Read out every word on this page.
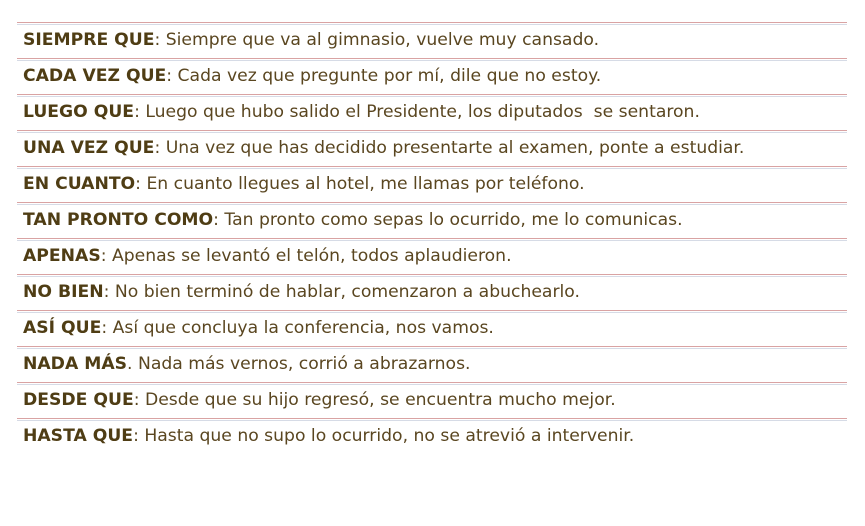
SIEMPRE QUE : Siempre que va al gimnasio, vuelve muy cansado.
CADA VEZ QUE : Cada vez que pregunte por mí, dile que no estoy.
LUEGO QUE : Luego que hubo salido el Presidente, los diputados  se sentaron.
UNA VEZ QUE : Una vez que has decidido presentarte al examen, ponte a estudiar.
EN CUANTO : En cuanto llegues al hotel, me llamas por teléfono.
TAN PRONTO COMO : Tan pronto como sepas lo ocurrido, me lo comunicas.
APENAS : Apenas se levantó el telón, todos aplaudieron.
NO BIEN : No bien terminó de hablar, comenzaron a abuchearlo.
ASÍ QUE : Así que concluya la conferencia, nos vamos.
NADA MÁS . Nada más vernos, corrió a abrazarnos.
DESDE QUE : Desde que su hijo regresó, se encuentra mucho mejor.
HASTA QUE : Hasta que no supo lo ocurrido, no se atrevió a intervenir.
